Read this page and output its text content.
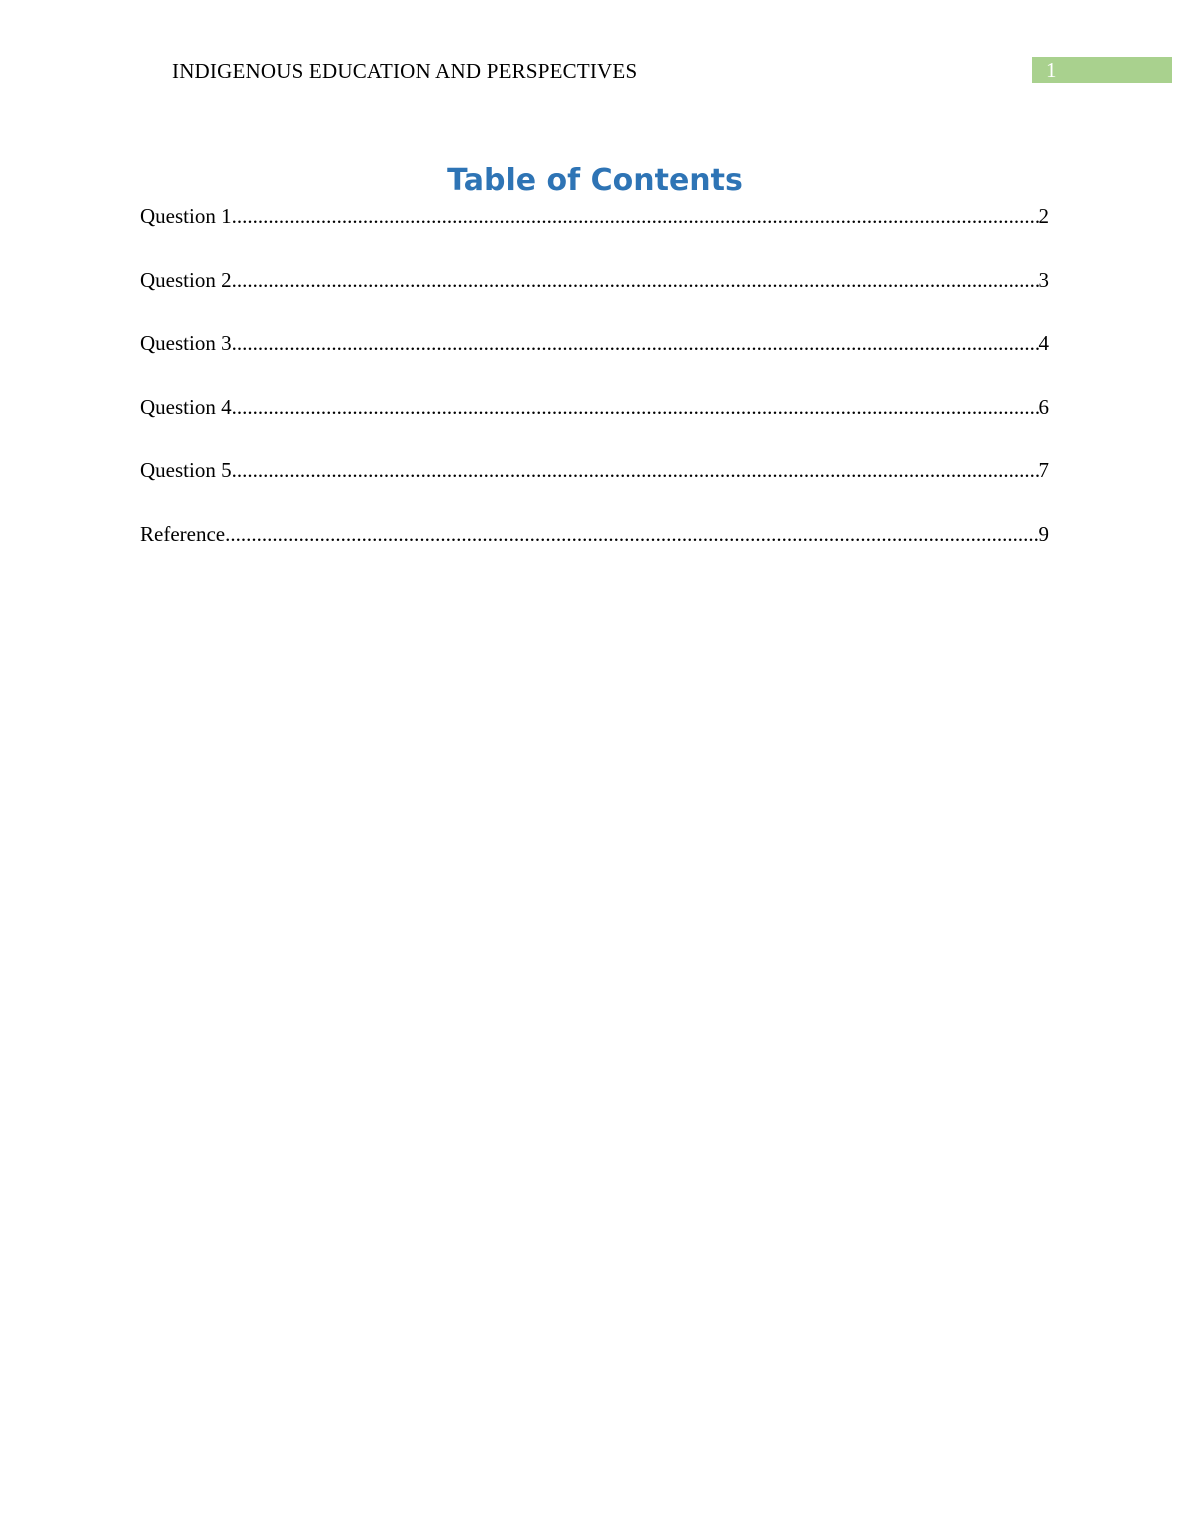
INDIGENOUS EDUCATION AND PERSPECTIVES	1
Table of Contents
Question 1 .....	2
Question 2 .....	3
Question 3 .....	4
Question 4 .....	6
Question 5 .....	7
Reference .....	9
